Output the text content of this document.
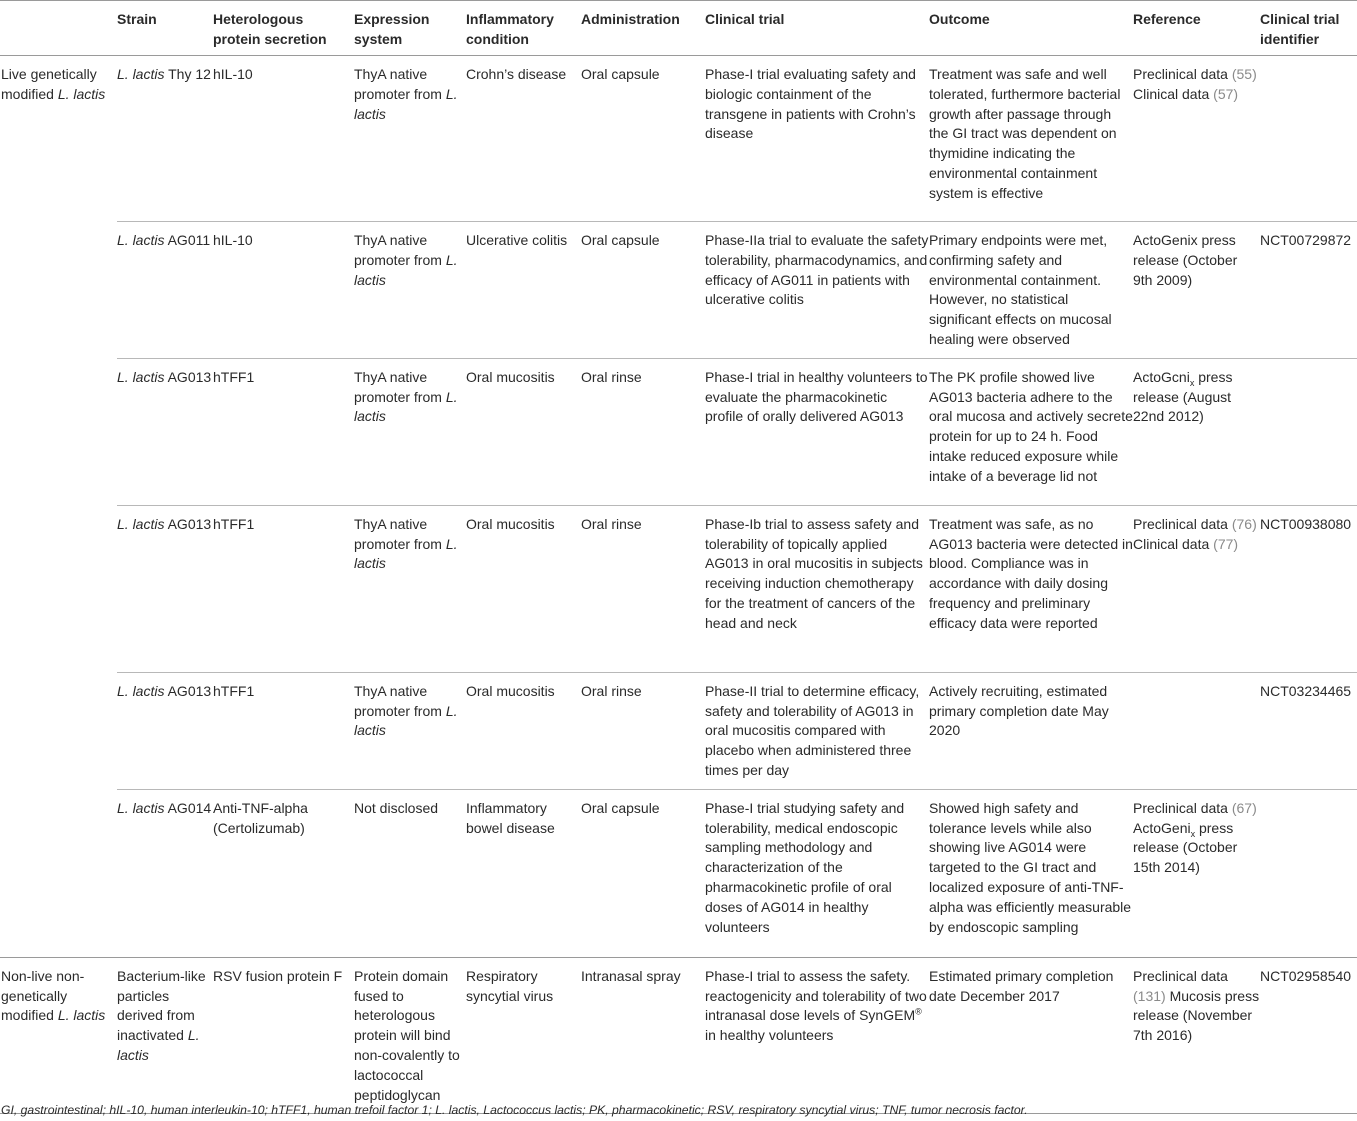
	Strain	Heterologous protein secretion	Expression system	Inflammatory condition	Administration	Clinical trial	Outcome	Reference	Clinical trial identifier
Live genetically modified L. lactis	L. lactis Thy 12	hIL-10	ThyA native promoter from L. lactis	Crohn’s disease	Oral capsule	Phase-I trial evaluating safety and biologic containment of the transgene in patients with Crohn’s disease	Treatment was safe and well tolerated, furthermore bacterial growth after passage through the GI tract was dependent on thymidine indicating the environmental containment system is effective	Preclinical data (55) Clinical data (57)	
	L. lactis AG011	hIL-10	ThyA native promoter from L. lactis	Ulcerative colitis	Oral capsule	Phase-IIa trial to evaluate the safety tolerability, pharmacodynamics, and efficacy of AG011 in patients with ulcerative colitis	Primary endpoints were met, confirming safety and environmental containment. However, no statistical significant effects on mucosal healing were observed	ActoGenix press release (October 9th 2009)	NCT00729872
	L. lactis AG013	hTFF1	ThyA native promoter from L. lactis	Oral mucositis	Oral rinse	Phase-I trial in healthy volunteers to evaluate the pharmacokinetic profile of orally delivered AG013	The PK profile showed live AG013 bacteria adhere to the oral mucosa and actively secrete protein for up to 24 h. Food intake reduced exposure while intake of a beverage lid not	ActoGcni$_x$ press release (August 22nd 2012)	
	L. lactis AG013	hTFF1	ThyA native promoter from L. lactis	Oral mucositis	Oral rinse	Phase-Ib trial to assess safety and tolerability of topically applied AG013 in oral mucositis in subjects receiving induction chemotherapy for the treatment of cancers of the head and neck	Treatment was safe, as no AG013 bacteria were detected in blood. Compliance was in accordance with daily dosing frequency and preliminary efficacy data were reported	Preclinical data (76) Clinical data (77)	NCT00938080
	L. lactis AG013	hTFF1	ThyA native promoter from L. lactis	Oral mucositis	Oral rinse	Phase-II trial to determine efficacy, safety and tolerability of AG013 in oral mucositis compared with placebo when administered three times per day	Actively recruiting, estimated primary completion date May 2020		NCT03234465
	L. lactis AG014	Anti-TNF-alpha (Certolizumab)	Not disclosed	Inflammatory bowel disease	Oral capsule	Phase-I trial studying safety and tolerability, medical endoscopic sampling methodology and characterization of the pharmacokinetic profile of oral doses of AG014 in healthy volunteers	Showed high safety and tolerance levels while also showing live AG014 were targeted to the GI tract and localized exposure of anti-TNF-alpha was efficiently measurable by endoscopic sampling	Preclinical data (67) ActoGeni$_x$ press release (October 15th 2014)	
Non-live non-genetically modified L. lactis	Bacterium-like particles derived from inactivated L. lactis	RSV fusion protein F	Protein domain fused to heterologous protein will bind non-covalently to lactococcal peptidoglycan	Respiratory syncytial virus	Intranasal spray	Phase-I trial to assess the safety. reactogenicity and tolerability of two intranasal dose levels of SynGEM® in healthy volunteers	Estimated primary completion date December 2017	Preclinical data (131) Mucosis press release (November 7th 2016)	NCT02958540
GI, gastrointestinal; hIL-10, human interleukin-10; hTFF1, human trefoil factor 1; L. lactis, Lactococcus lactis; PK, pharmacokinetic; RSV, respiratory syncytial virus; TNF, tumor necrosis factor.
